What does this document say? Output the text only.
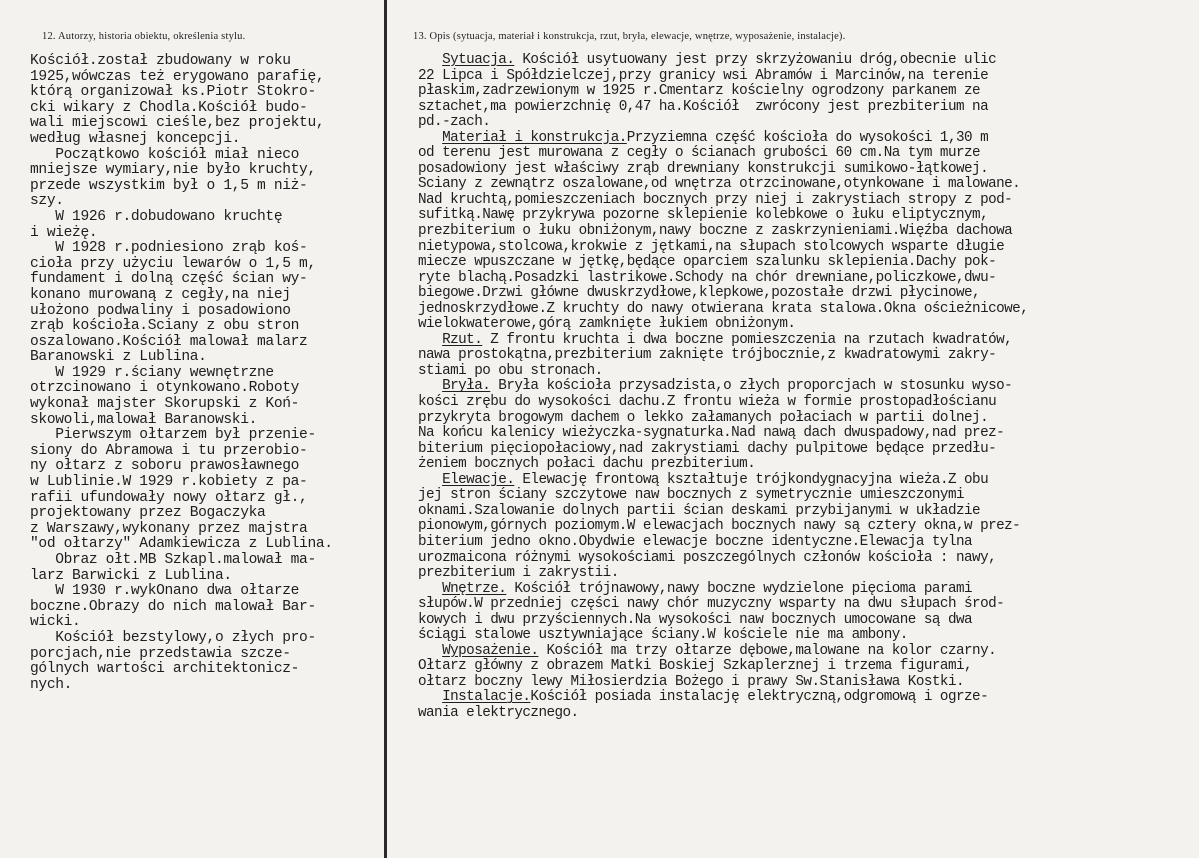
12. Autorzy, historia obiektu, określenia stylu.
Kościół.został zbudowany w roku
1925,wówczas też erygowano parafię,
którą organizował ks.Piotr Stokro-
cki wikary z Chodla.Kościół budo-
wali miejscowi cieśle,bez projektu,
według własnej koncepcji.
Początkowo kościół miał nieco
mniejsze wymiary,nie było kruchty,
przede wszystkim był o 1,5 m niż-
szy.
W 1926 r.dobudowano kruchtę
i wieżę.
W 1928 r.podniesiono zrąb koś-
cioła przy użyciu lewarów o 1,5 m,
fundament i dolną część ścian wy-
konano murowaną z cegły,na niej
ułożono podwaliny i posadowiono
zrąb kościoła.Sciany z obu stron
oszalowano.Kościół malował malarz
Baranowski z Lublina.
W 1929 r.ściany wewnętrzne
otrzcinowano i otynkowano.Roboty
wykonał majster Skorupski z Koń-
skowoli,malował Baranowski.
Pierwszym ołtarzem był przenie-
siony do Abramowa i tu przerobio-
ny ołtarz z soboru prawosławnego
w Lublinie.W 1929 r.kobiety z pa-
rafii ufundowały nowy ołtarz gł.,
projektowany przez Bogaczyka
z Warszawy,wykonany przez majstra
"od ołtarzy" Adamkiewicza z Lublina.
Obraz ołt.MB Szkapl.malował ma-
larz Barwicki z Lublina.
W 1930 r.wykOnano dwa ołtarze
boczne.Obrazy do nich malował Bar-
wicki.
Kościół bezstylowy,o złych pro-
porcjach,nie przedstawia szcze-
gólnych wartości architektonicz-
nych.
13. Opis (sytuacja, materiał i konstrukcja, rzut, bryła, elewacje, wnętrze, wyposażenie, instalacje).
Sytuacja. Kościół usytuowany jest przy skrzyżowaniu dróg,obecnie ulic
22 Lipca i Spółdzielczej,przy granicy wsi Abramów i Marcinów,na terenie
płaskim,zadrzewionym w 1925 r.Cmentarz kościelny ogrodzony parkanem ze
sztachet,ma powierzchnię 0,47 ha.Kościół  zwrócony jest prezbiterium na
pd.-zach.
Materiał i konstrukcja.Przyziemna część kościoła do wysokości 1,30 m
od terenu jest murowana z cegły o ścianach grubości 60 cm.Na tym murze
posadowiony jest właściwy zrąb drewniany konstrukcji sumikowo-łątkowej.
Sciany z zewnątrz oszalowane,od wnętrza otrzcinowane,otynkowane i malowane.
Nad kruchtą,pomieszczeniach bocznych przy niej i zakrystiach stropy z pod-
sufitką.Nawę przykrywa pozorne sklepienie kolebkowe o łuku eliptycznym,
prezbiterium o łuku obniżonym,nawy boczne z zaskrzynieniami.Więźba dachowa
nietypowa,stolcowa,krokwie z jętkami,na słupach stolcowych wsparte długie
miecze wpuszczane w jętkę,będące oparciem szalunku sklepienia.Dachy pok-
ryte blachą.Posadzki lastrikowe.Schody na chór drewniane,policzkowe,dwu-
biegowe.Drzwi główne dwuskrzydłowe,klepkowe,pozostałe drzwi płycinowe,
jednoskrzydłowe.Z kruchty do nawy otwierana krata stalowa.Okna ościeżnicowe,
wielokwaterowe,górą zamknięte łukiem obniżonym.
Rzut. Z frontu kruchta i dwa boczne pomieszczenia na rzutach kwadratów,
nawa prostokątna,prezbiterium zaknięte trójbocznie,z kwadratowymi zakry-
stiami po obu stronach.
Bryła. Bryła kościoła przysadzista,o złych proporcjach w stosunku wyso-
kości zrębu do wysokości dachu.Z frontu wieża w formie prostopadłościanu
przykryta brogowym dachem o lekko załamanych połaciach w partii dolnej.
Na końcu kalenicy wieżyczka-sygnaturka.Nad nawą dach dwuspadowy,nad prez-
biterium pięciopołaciowy,nad zakrystiami dachy pulpitowe będące przedłu-
żeniem bocznych połaci dachu prezbiterium.
Elewacje. Elewację frontową kształtuje trójkondygnacyjna wieża.Z obu
jej stron ściany szczytowe naw bocznych z symetrycznie umieszczonymi
oknami.Szalowanie dolnych partii ścian deskami przybijanymi w układzie
pionowym,górnych poziomym.W elewacjach bocznych nawy są cztery okna,w prez-
biterium jedno okno.Obydwie elewacje boczne identyczne.Elewacja tylna
urozmaicona różnymi wysokościami poszczególnych członów kościoła : nawy,
prezbiterium i zakrystii.
Wnętrze. Kościół trójnawowy,nawy boczne wydzielone pięcioma parami
słupów.W przedniej części nawy chór muzyczny wsparty na dwu słupach środ-
kowych i dwu przyściennych.Na wysokości naw bocznych umocowane są dwa
ściągi stalowe usztywniające ściany.W kościele nie ma ambony.
Wyposażenie. Kościół ma trzy ołtarze dębowe,malowane na kolor czarny.
Ołtarz główny z obrazem Matki Boskiej Szkaplerznej i trzema figurami,
ołtarz boczny lewy Miłosierdzia Bożego i prawy Sw.Stanisława Kostki.
Instalacje.Kościół posiada instalację elektryczną,odgromową i ogrze-
wania elektrycznego.
